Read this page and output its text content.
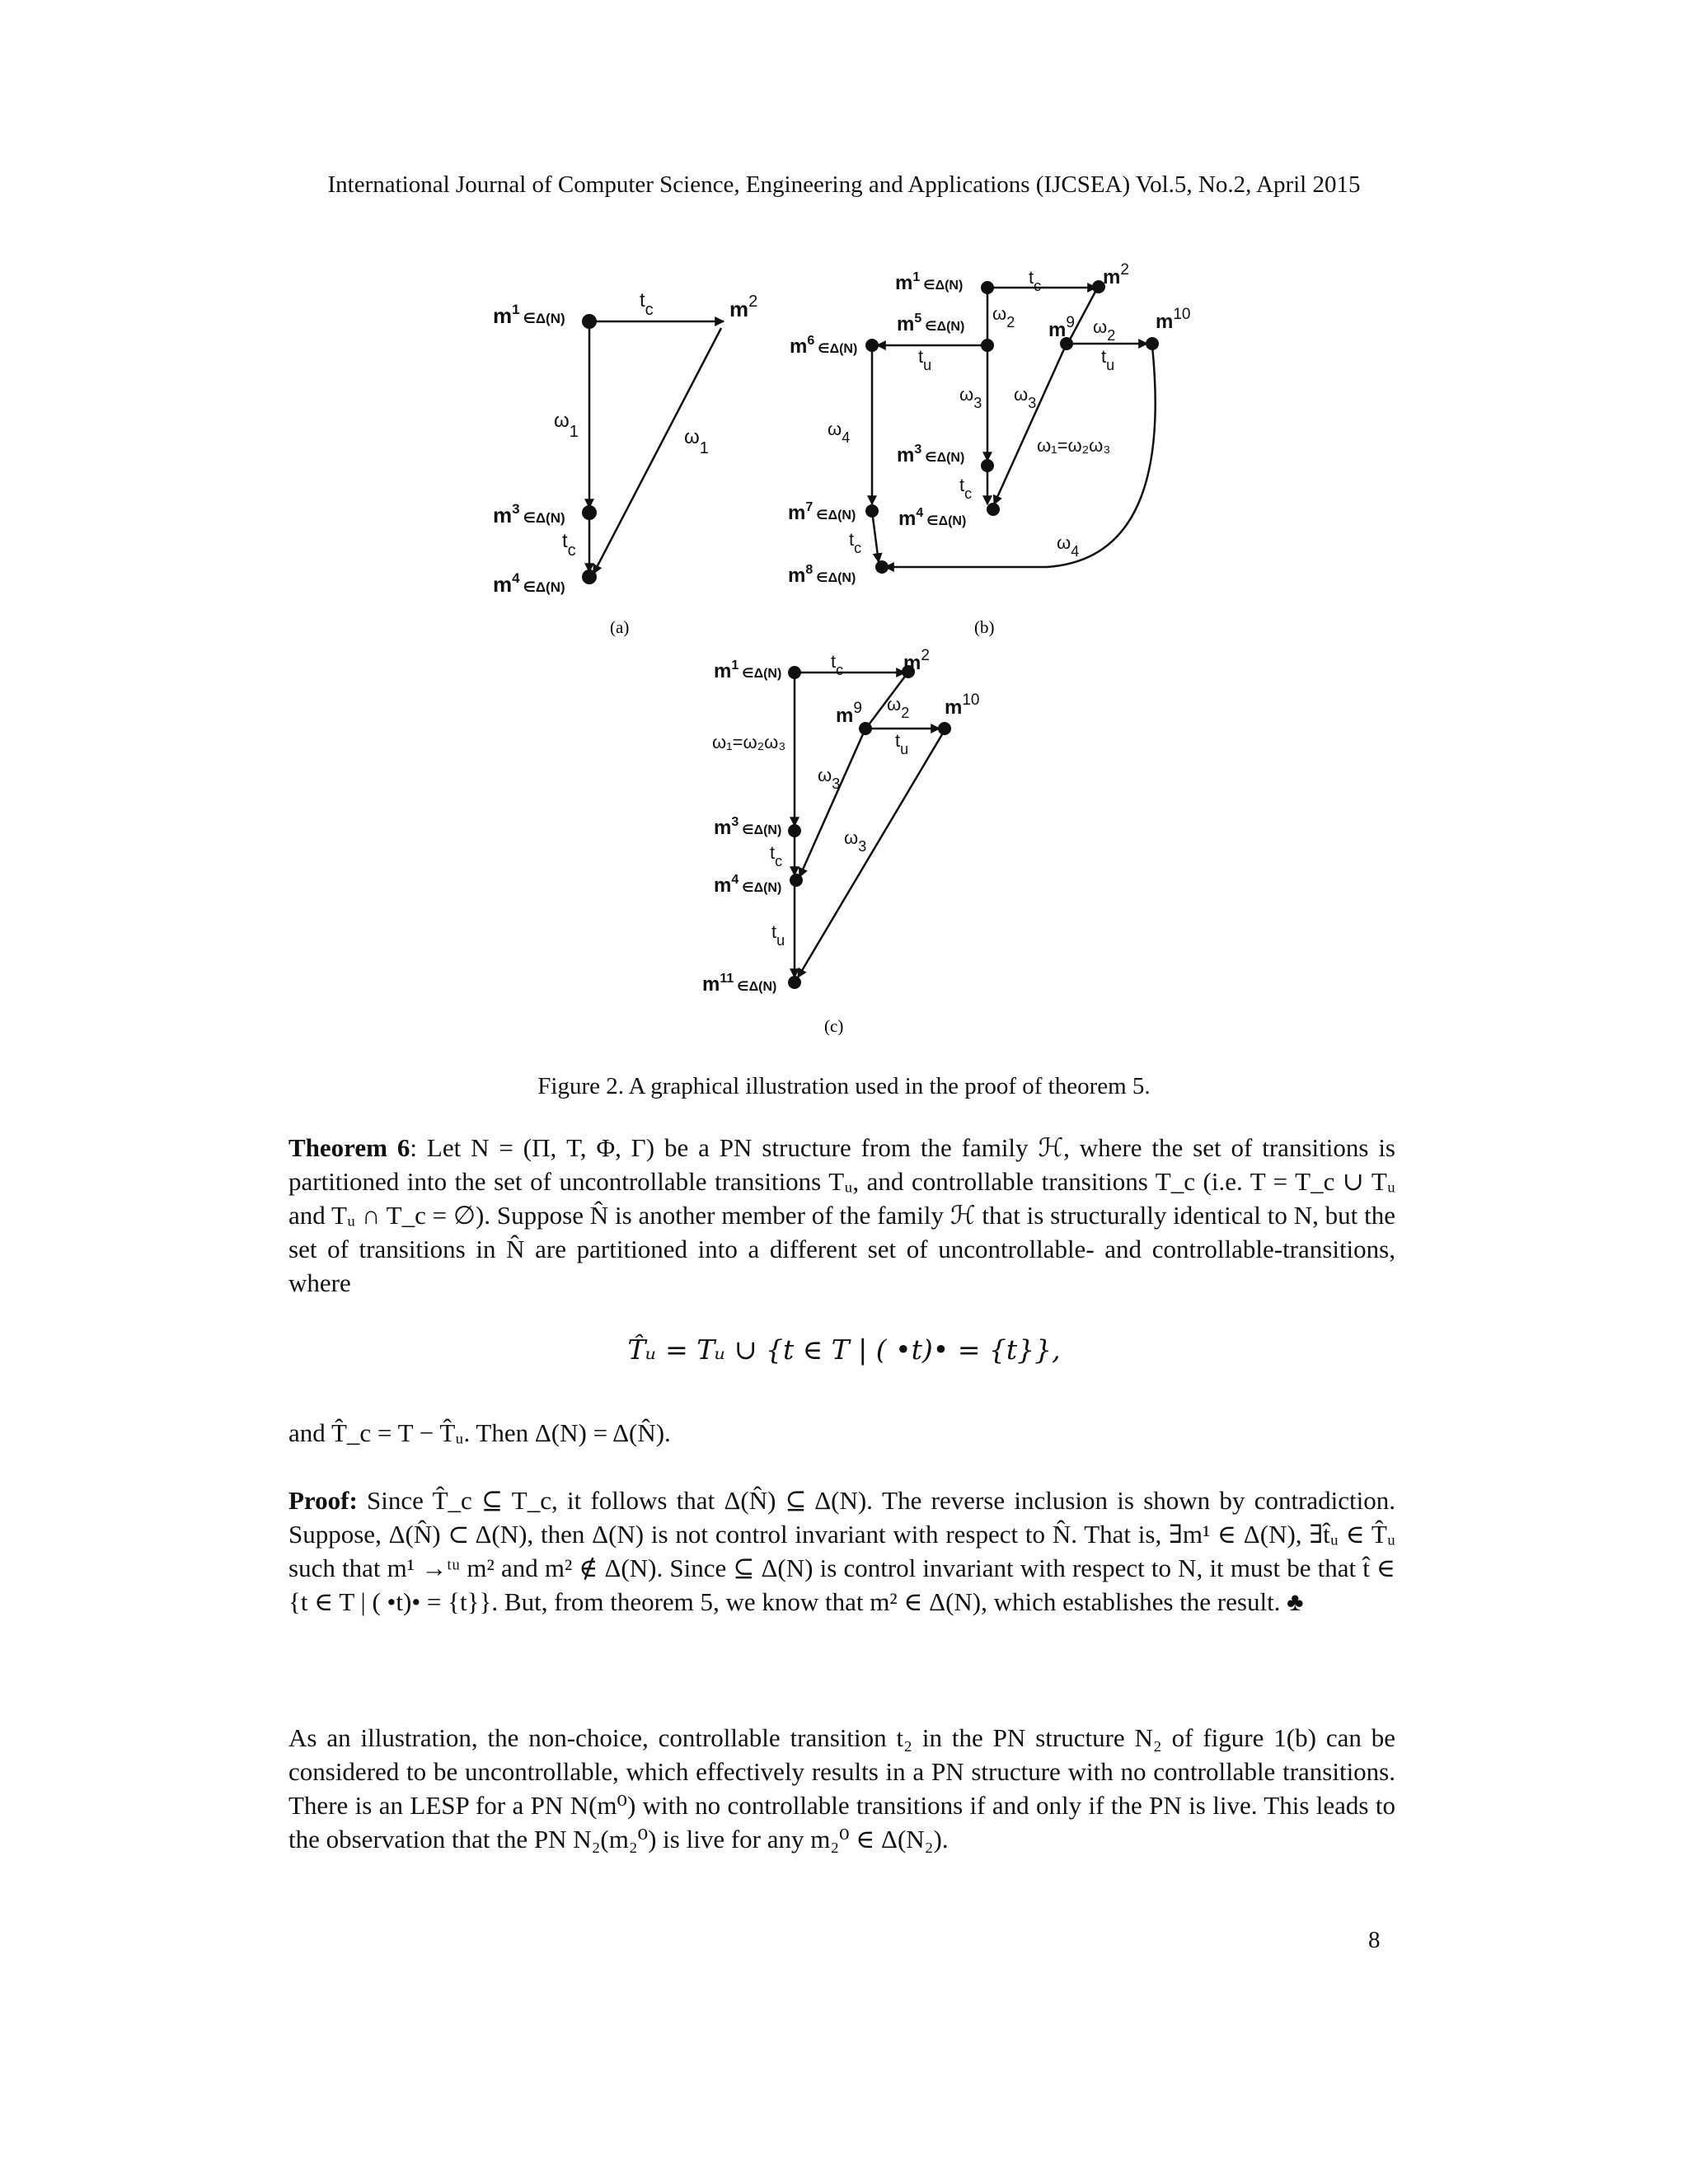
International Journal of Computer Science, Engineering and Applications (IJCSEA) Vol.5, No.2, April 2015
$m^1_{\in\Delta(N)}$	$m^2$
$t_c$
$\omega_1$	$\omega_1$
$m^3_{\in\Delta(N)}$
$t_c$
$m^4_{\in\Delta(N)}$
(a)
$m^1_{\in\Delta(N)}$	$t_c$	$m^2$
$\omega_2$
$m^5_{\in\Delta(N)}$	$m^9$ $\omega_2$
$m^{10}$
$m^6_{\in\Delta(N)}$	$t_u$	$t_u$
$\omega_3$ $\omega_3$
$\omega_4$	ω₁=ω₂ω₃
$m^3_{\in\Delta(N)}$
$t_c$
$m^7_{\in\Delta(N)}$ $m^4_{\in\Delta(N)}$
$\omega_4$
$t_c$
$m^8_{\in\Delta(N)}$
(b)
$m^1_{\in\Delta(N)}$
$t_c$	$m^2$
$m^9$ $\omega_2$ $m^{10}$
ω₁=ω₂ω₃	$t_u$
$\omega_3$
$m^3_{\in\Delta(N)}$	$\omega_3$
$t_c$
$m^4_{\in\Delta(N)}$
$t_u$
$m^{11}_{\in\Delta(N)}$
(c)
Figure 2. A graphical illustration used in the proof of theorem 5.

Theorem 6: Let N = (Π, T, Φ, Γ) be a PN structure from the family ℋ, where the set of transitions is partitioned into the set of uncontrollable transitions Tᵤ, and controllable transitions T_c (i.e. T = T_c ∪ Tᵤ and Tᵤ ∩ T_c = ∅). Suppose N̂ is another member of the family ℋ that is structurally identical to N, but the set of transitions in N̂ are partitioned into a different set of uncontrollable- and controllable-transitions, where

T̂ᵤ = Tᵤ ∪ {t ∈ T | ( •t)• = {t}},

and T̂_c = T − T̂ᵤ. Then Δ(N) = Δ(N̂).

Proof: Since T̂_c ⊆ T_c, it follows that Δ(N̂) ⊆ Δ(N). The reverse inclusion is shown by contradiction. Suppose, Δ(N̂) ⊂ Δ(N), then Δ(N) is not control invariant with respect to N̂. That is, ∃m¹ ∈ Δ(N), ∃t̂ᵤ ∈ T̂ᵤ such that m¹ →ᵗᵘ m² and m² ∉ Δ(N). Since ⊆ Δ(N) is control invariant with respect to N, it must be that t̂ ∈ {t ∈ T | ( •t)• = {t}}. But, from theorem 5, we know that m² ∈ Δ(N), which establishes the result. ♣

As an illustration, the non-choice, controllable transition t₂ in the PN structure N₂ of figure 1(b) can be considered to be uncontrollable, which effectively results in a PN structure with no controllable transitions. There is an LESP for a PN N(m⁰) with no controllable transitions if and only if the PN is live. This leads to the observation that the PN N₂(m₂⁰) is live for any m₂⁰ ∈ Δ(N₂).

8
